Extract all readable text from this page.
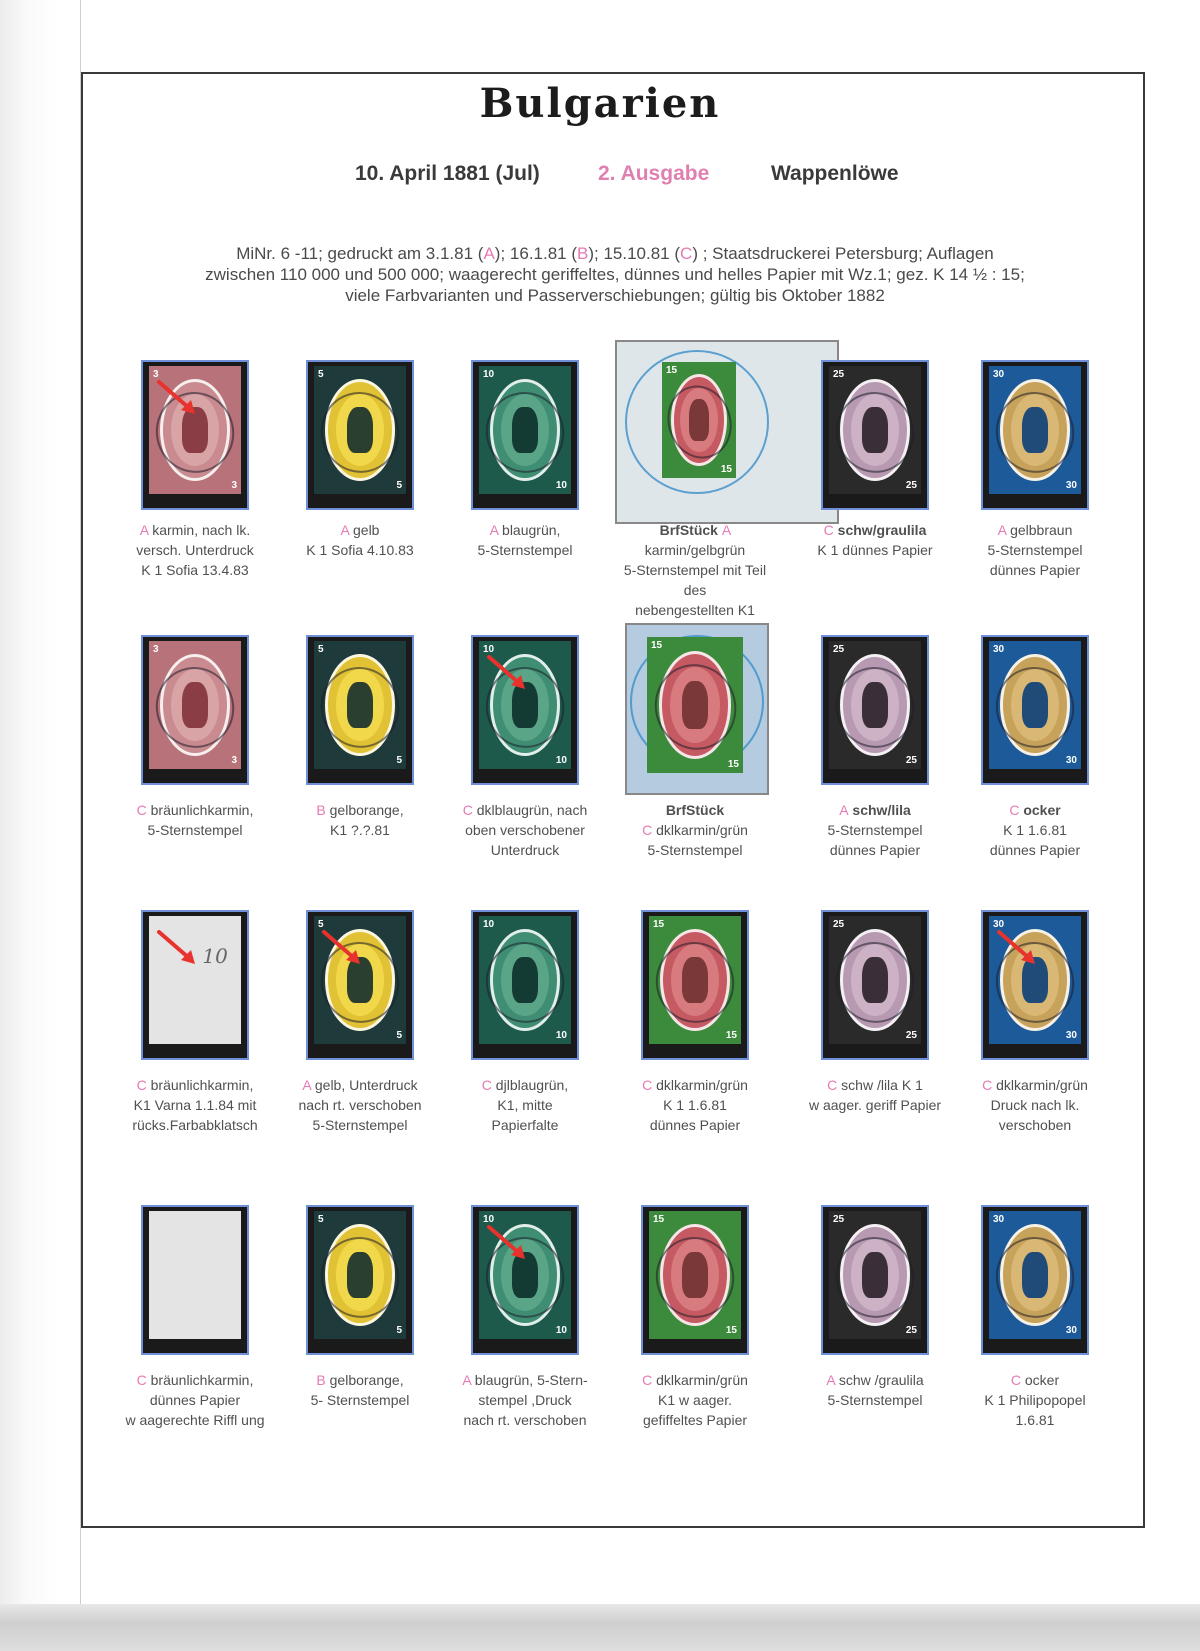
Bulgarien
10. April 1881 (Jul)	2. Ausgabe	Wappenlöwe
MiNr. 6 -11; gedruckt am 3.1.81 (A); 16.1.81 (B); 15.10.81 (C) ; Staatsdruckerei Petersburg; Auflagen
zwischen 110 000 und 500 000; waagerecht geriffeltes, dünnes und helles Papier mit Wz.1; gez. K 14 ½ : 15;
viele Farbvarianten und Passerverschiebungen; gültig bis Oktober 1882
3
3
A karmin, nach lk.
versch. Unterdruck
K 1 Sofia 13.4.83
5
5
A gelb
K 1 Sofia 4.10.83
10
10
A blaugrün,
5-Sternstempel
15
15
BrfStück A karmin/gelbgrün
5-Sternstempel mit Teil des
nebengestellten K1
25
25
C schw/graulila
K 1 dünnes Papier
30
30
A gelbbraun
5-Sternstempel
dünnes Papier
3
3
C bräunlichkarmin,
5-Sternstempel
5
5
B gelborange,
K1 ?.?.81
10
10
C dklblaugrün, nach
oben verschobener
Unterdruck
15
15
BrfStück
C dklkarmin/grün
5-Sternstempel
25
25
A schw/lila
5-Sternstempel
dünnes Papier
30
30
C ocker
K 1 1.6.81
dünnes Papier
10
C bräunlichkarmin,
K1 Varna 1.1.84 mit
rücks.Farbabklatsch
5
5
A gelb, Unterdruck
nach rt. verschoben
5-Sternstempel
10
10
C djlblaugrün,
K1, mitte
Papierfalte
15
15
C dklkarmin/grün
K 1 1.6.81
dünnes Papier
25
25
C schw /lila K 1
w aager. geriff Papier
30
30
C dklkarmin/grün
Druck nach lk.
verschoben
C bräunlichkarmin,
dünnes Papier
w aagerechte Riffl ung
5
5
B gelborange,
5- Sternstempel
10
10
A blaugrün, 5-Stern-
stempel ,Druck
nach rt. verschoben
15
15
C dklkarmin/grün
K1 w aager.
gefiffeltes Papier
25
25
A schw /graulila
5-Sternstempel
30
30
C ocker
K 1 Philipopopel
1.6.81
